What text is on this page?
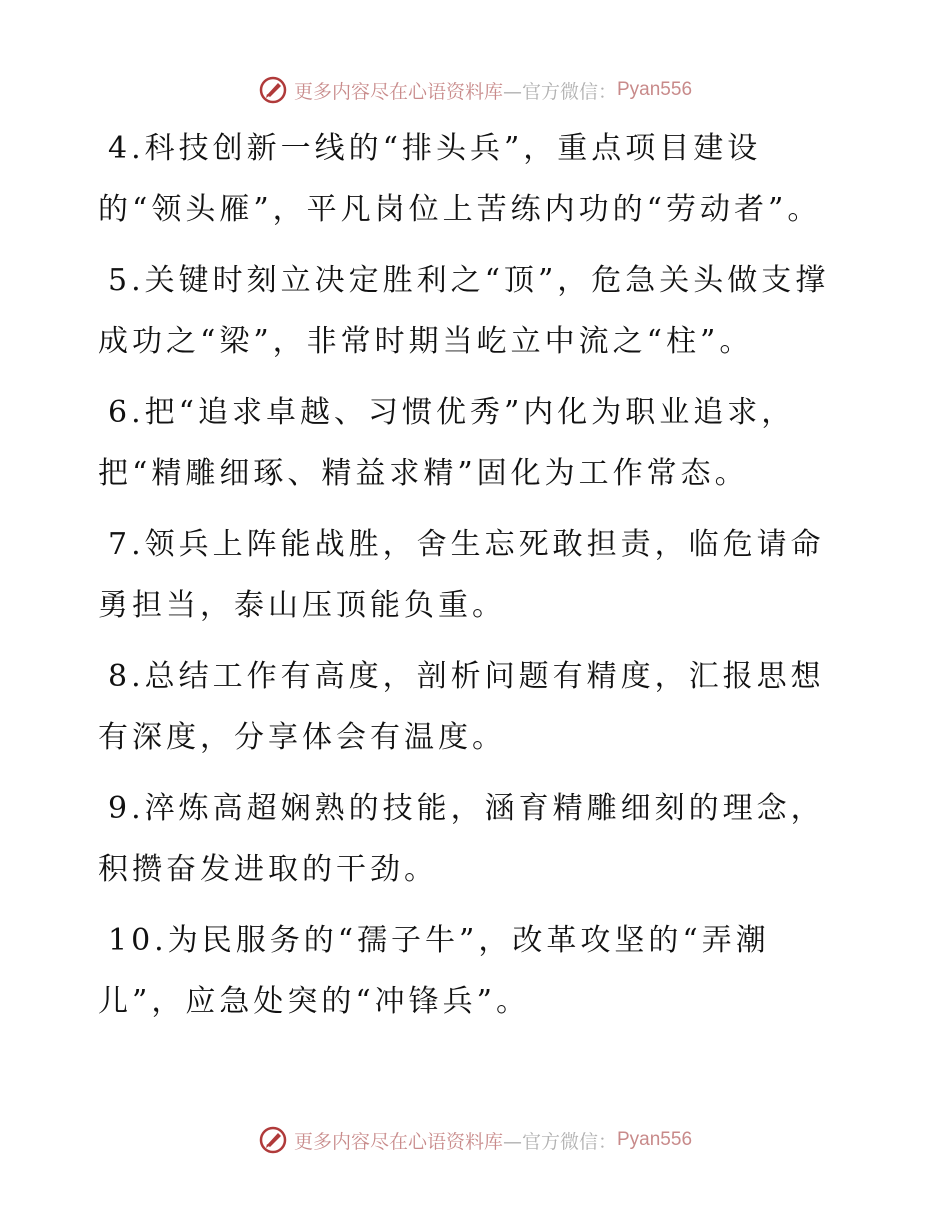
更多内容尽在心语资料库 —官方微信： Pyan556

4.科技创新一线的“排头兵”，重点项目建设的“领头雁”，平凡岗位上苦练内功的“劳动者”。

5.关键时刻立决定胜利之“顶”，危急关头做支撑成功之“梁”，非常时期当屹立中流之“柱”。

6.把“追求卓越、习惯优秀”内化为职业追求，把“精雕细琢、精益求精”固化为工作常态。

7.领兵上阵能战胜，舍生忘死敢担责，临危请命勇担当，泰山压顶能负重。

8.总结工作有高度，剖析问题有精度，汇报思想有深度，分享体会有温度。

9.淬炼高超娴熟的技能，涵育精雕细刻的理念，积攒奋发进取的干劲。

10.为民服务的“孺子牛”，改革攻坚的“弄潮儿”，应急处突的“冲锋兵”。

更多内容尽在心语资料库 —官方微信： Pyan556
